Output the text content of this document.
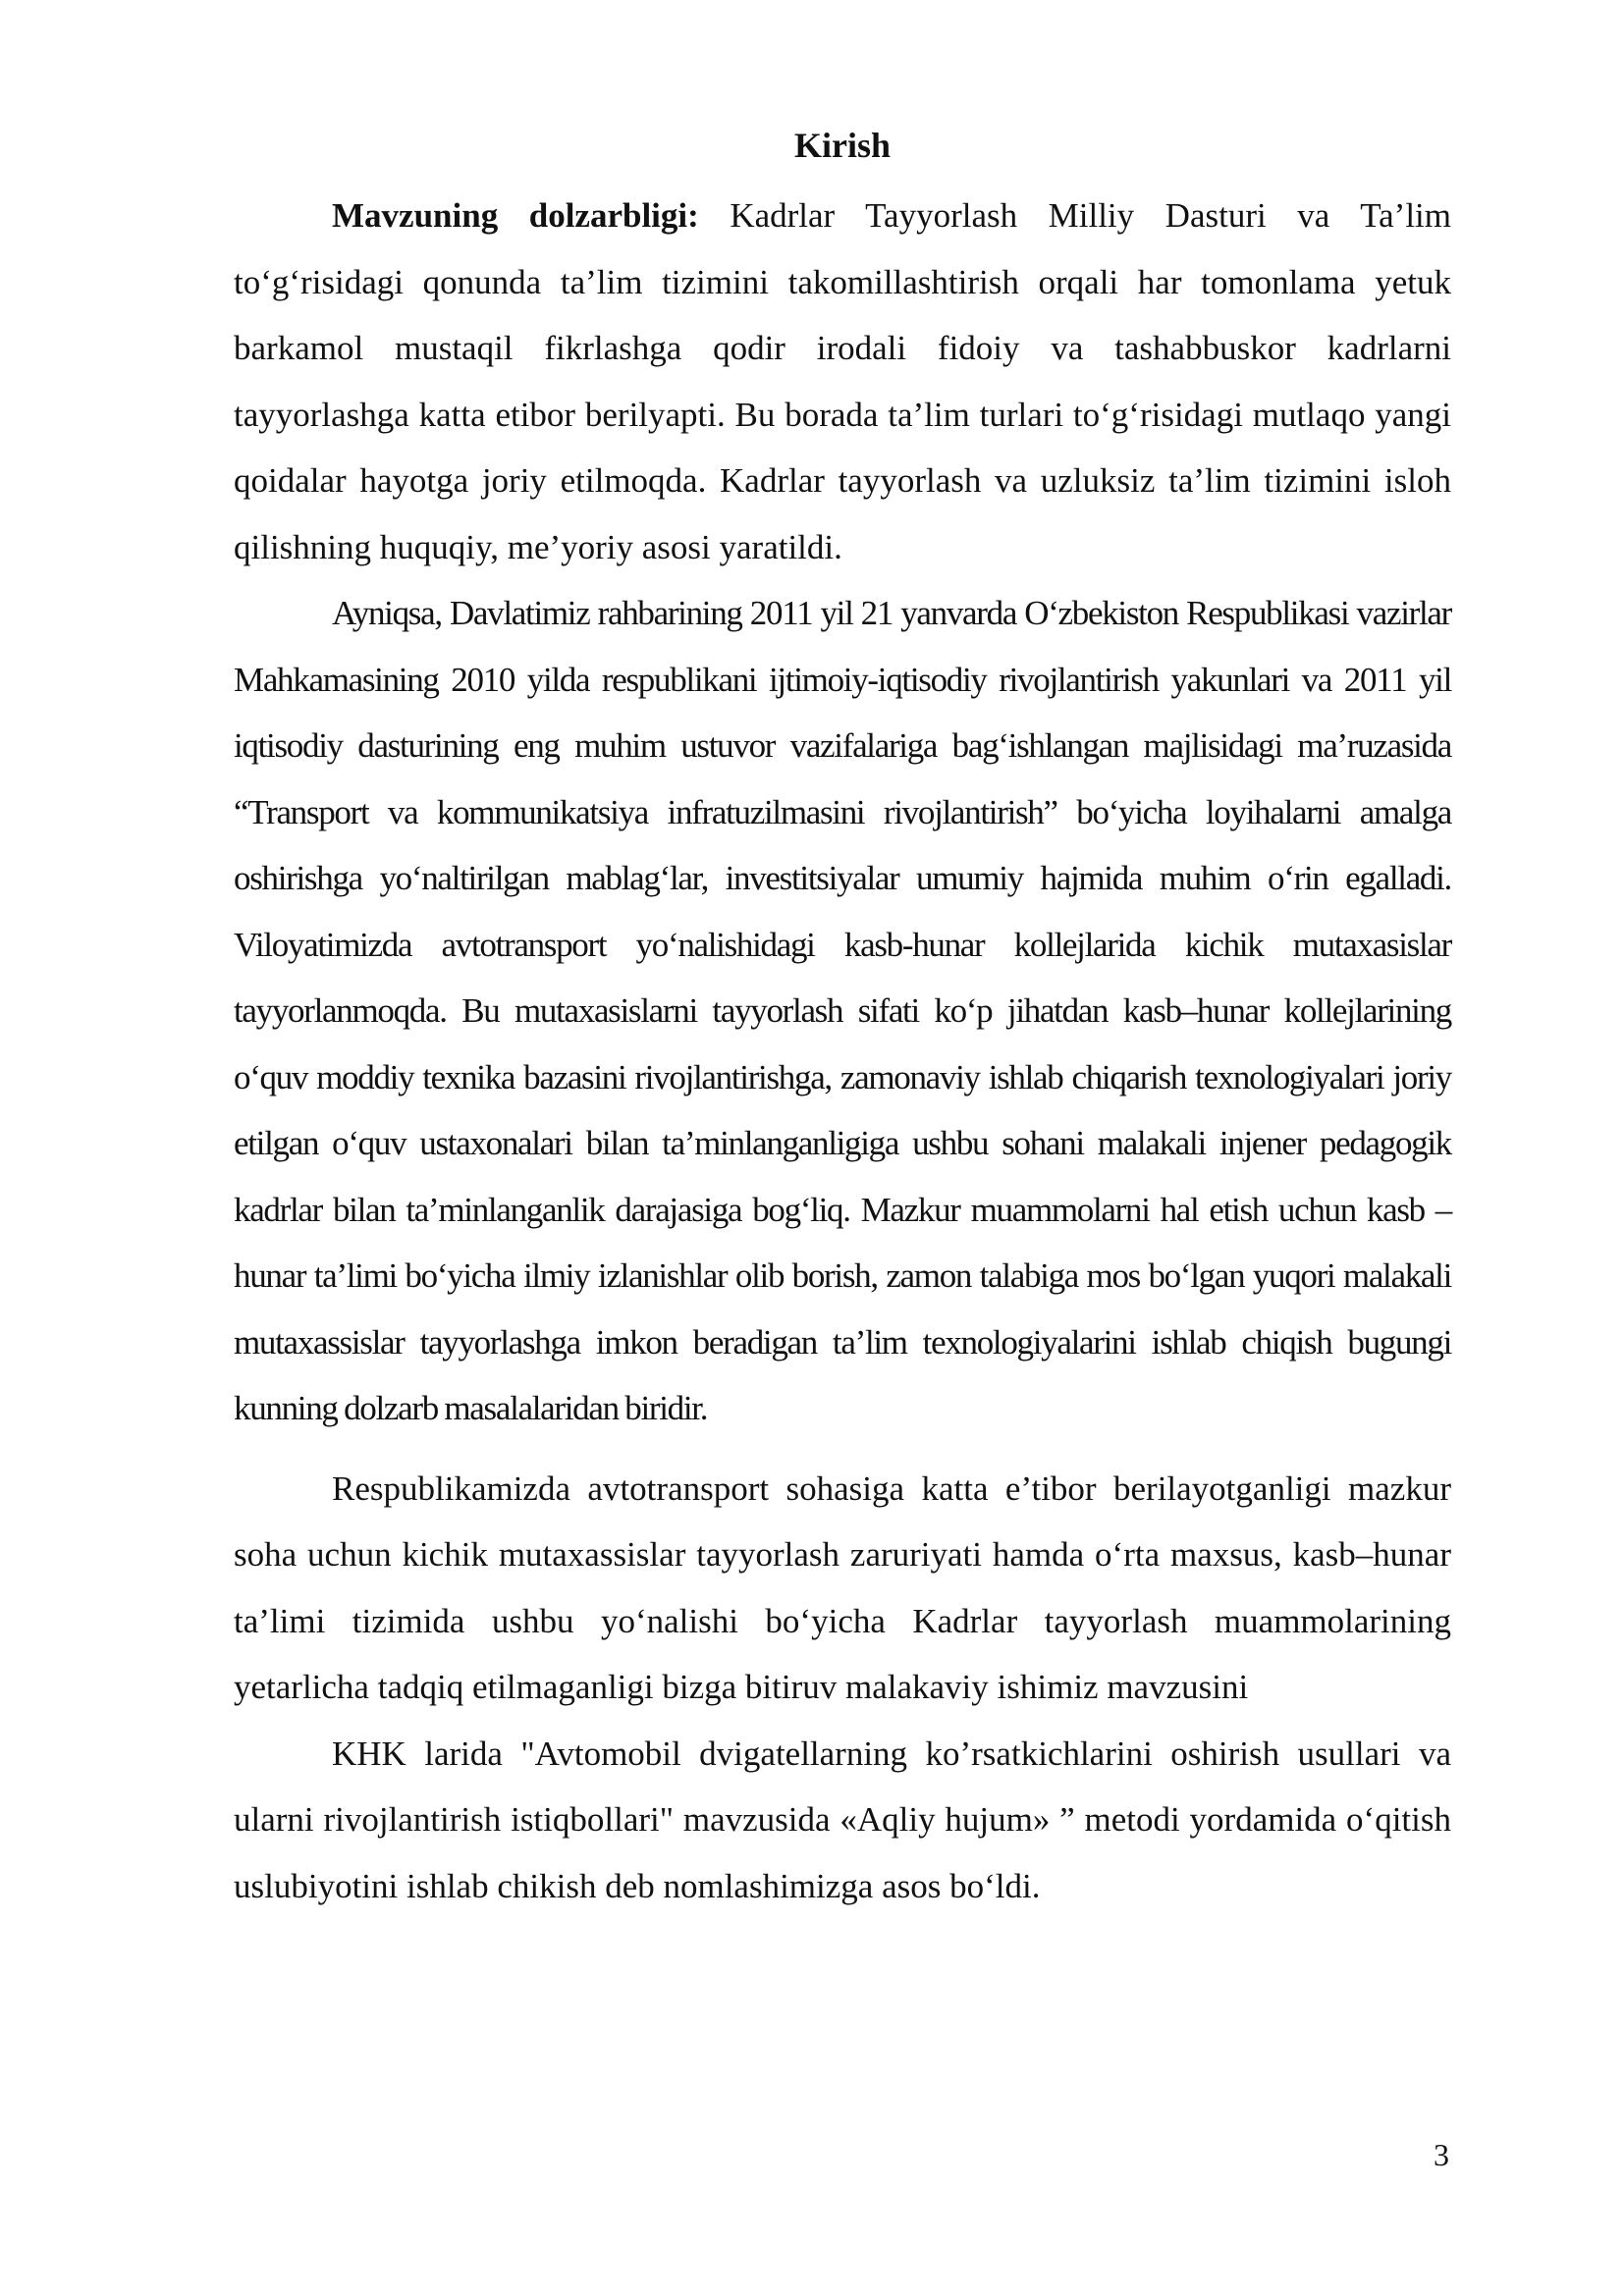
Kirish

Mavzuning dolzarbligi: Kadrlar Tayyorlash Milliy Dasturi va Ta’lim to‘g‘risidagi qonunda ta’lim tizimini takomillashtirish orqali har tomonlama yetuk barkamol mustaqil fikrlashga qodir irodali fidoiy va tashabbuskor kadrlarni tayyorlashga katta etibor berilyapti. Bu borada ta’lim turlari to‘g‘risidagi mutlaqo yangi qoidalar hayotga joriy etilmoqda. Kadrlar tayyorlash va uzluksiz ta’lim tizimini isloh qilishning huquqiy, me’yoriy asosi yaratildi.

Ayniqsa, Davlatimiz rahbarining 2011 yil 21 yanvarda O‘zbekiston Respublikasi vazirlar Mahkamasining 2010 yilda respublikani ijtimoiy-iqtisodiy rivojlantirish yakunlari va 2011 yil iqtisodiy dasturining eng muhim ustuvor vazifalariga bag‘ishlangan majlisidagi ma’ruzasida “Transport va kommunikatsiya infratuzilmasini rivojlantirish” bo‘yicha loyihalarni amalga oshirishga yo‘naltirilgan mablag‘lar, investitsiyalar umumiy hajmida muhim o‘rin egalladi. Viloyatimizda avtotransport yo‘nalishidagi kasb-hunar kollejlarida kichik mutaxasislar tayyorlanmoqda. Bu mutaxasislarni tayyorlash sifati ko‘p jihatdan kasb–hunar kollejlarining o‘quv moddiy texnika bazasini rivojlantirishga, zamonaviy ishlab chiqarish texnologiyalari joriy etilgan o‘quv ustaxonalari bilan ta’minlanganligiga ushbu sohani malakali injener pedagogik kadrlar bilan ta’minlanganlik darajasiga bog‘liq. Mazkur muammolarni hal etish uchun kasb – hunar ta’limi bo‘yicha ilmiy izlanishlar olib borish, zamon talabiga mos bo‘lgan yuqori malakali mutaxassislar tayyorlashga imkon beradigan ta’lim texnologiyalarini ishlab chiqish bugungi kunning dolzarb masalalaridan biridir.

Respublikamizda avtotransport sohasiga katta e’tibor berilayotganligi mazkur soha uchun kichik mutaxassislar tayyorlash zaruriyati hamda o‘rta maxsus, kasb–hunar ta’limi tizimida ushbu yo‘nalishi bo‘yicha Kadrlar tayyorlash muammolarining yetarlicha tadqiq etilmaganligi bizga bitiruv malakaviy ishimiz mavzusini

KHK larida "Avtomobil dvigatellarning ko’rsatkichlarini oshirish usullari va ularni rivojlantirish istiqbollari" mavzusida «Aqliy hujum» ” metodi yordamida o‘qitish uslubiyotini ishlab chikish deb nomlashimizga asos bo‘ldi.

3
